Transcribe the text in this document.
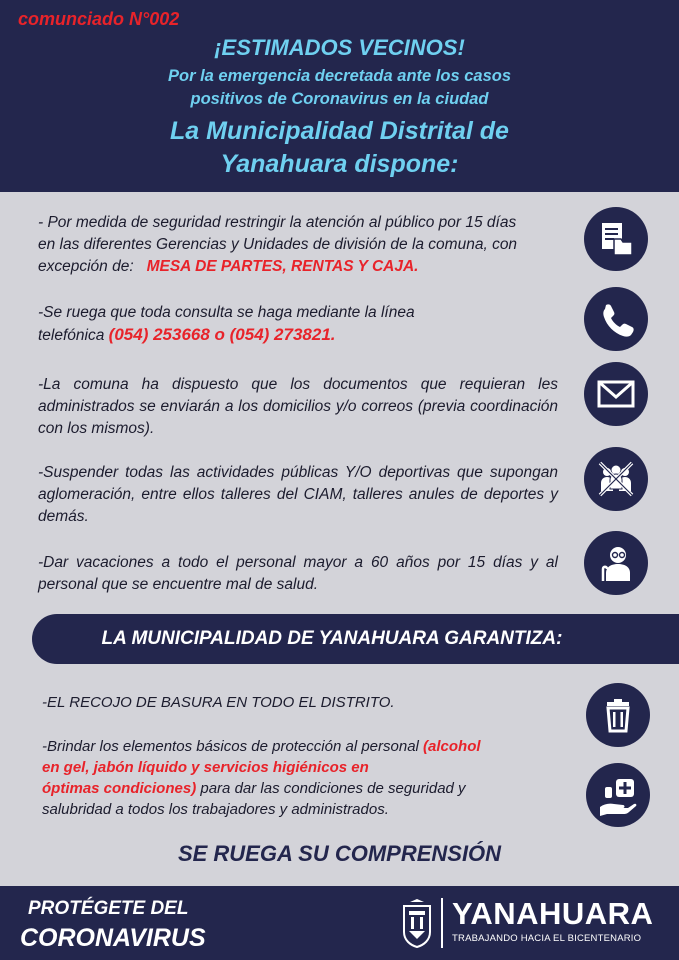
comunciado N°002
¡ESTIMADOS VECINOS!
Por la emergencia decretada ante los casos
positivos de Coronavirus en la ciudad
La Municipalidad Distrital de
Yanahuara dispone:
- Por medida de seguridad restringir la atención al público por 15 días
en las diferentes Gerencias y Unidades de división de la comuna, con
excepción de: MESA DE PARTES, RENTAS Y CAJA.
-Se ruega que toda consulta se haga mediante la línea
telefónica (054) 253668 o (054) 273821.
-La comuna ha dispuesto que los documentos que requieran les administrados se enviarán a los domicilios y/o correos (previa coordinación con los mismos).
-Suspender todas las actividades públicas Y/O deportivas que supongan aglomeración, entre ellos talleres del CIAM, talleres anules de deportes y demás.
-Dar vacaciones a todo el personal mayor a 60 años por 15 días y al personal que se encuentre mal de salud.
LA MUNICIPALIDAD DE YANAHUARA GARANTIZA:
-EL RECOJO DE BASURA EN TODO EL DISTRITO.
-Brindar los elementos básicos de protección al personal (alcohol
en gel, jabón líquido y servicios higiénicos en
óptimas condiciones) para dar las condiciones de seguridad y
salubridad a todos los trabajadores y administrados.
SE RUEGA SU COMPRENSIÓN
PROTÉGETE DEL
CORONAVIRUS
YANAHUARA
TRABAJANDO HACIA EL BICENTENARIO
